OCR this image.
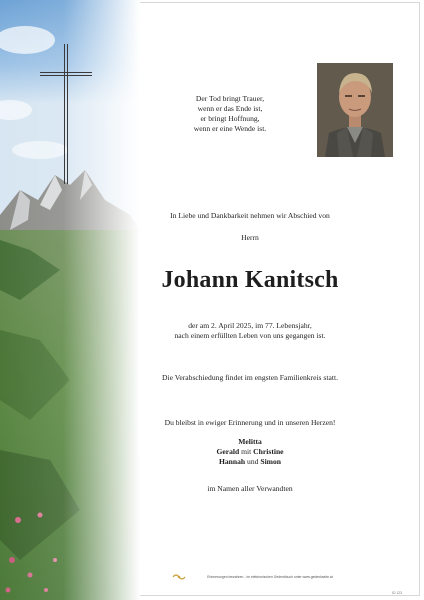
Der Tod bringt Trauer,
wenn er das Ende ist,
er bringt Hoffnung,
wenn er eine Wende ist.
In Liebe und Dankbarkeit nehmen wir Abschied von
Herrn
Johann Kanitsch
der am 2. April 2025, im 77. Lebensjahr,
nach einem erfüllten Leben von uns gegangen ist.
Die Verabschiedung findet im engsten Familienkreis statt.
Du bleibst in ewiger Erinnerung und in unseren Herzen!
Melitta
Gerald mit Christine
Hannah und Simon
im Namen aller Verwandten
Erinnerungen bewahren - im elektronischen Gedenkbuch unter www.gedenkseite.at
ID 123
